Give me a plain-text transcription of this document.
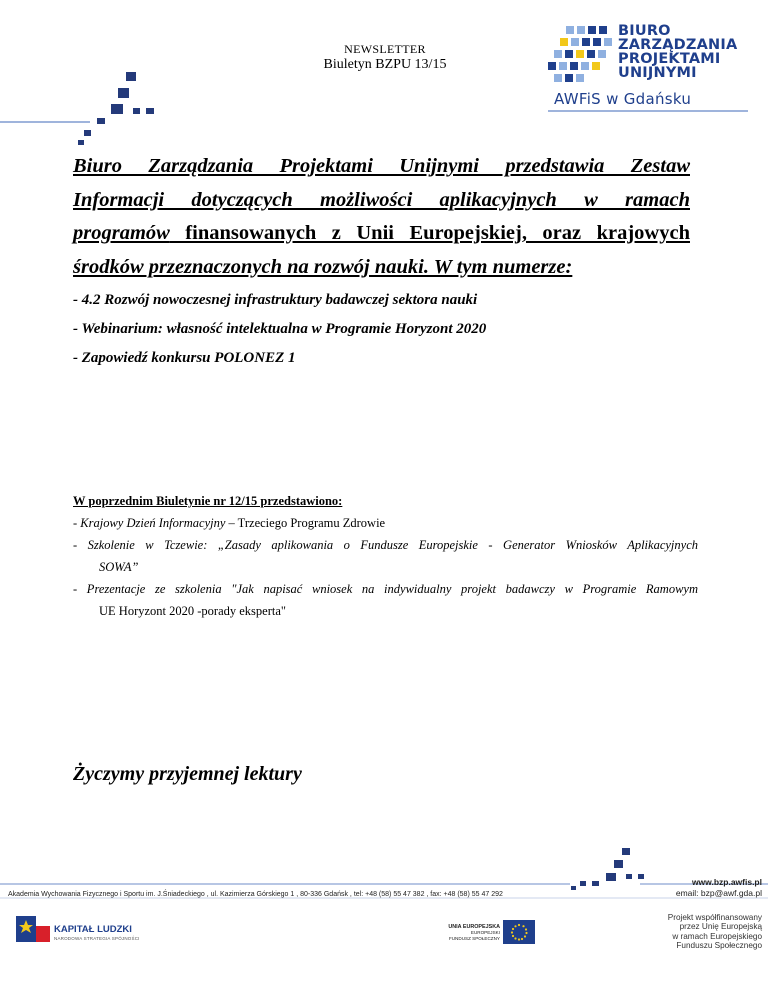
NEWSLETTER
Biuletyn BZPU 13/15
BIURO
ZARZĄDZANIA
PROJEKTAMI
UNIJNYMI
AWFiS w Gdańsku

Biuro Zarządzania Projektami Unijnymi przedstawia Zestaw

Informacji dotyczących możliwości aplikacyjnych w ramach

programów finansowanych z Unii Europejskiej, oraz krajowych

środków przeznaczonych na rozwój nauki. W tym numerze:

- 4.2 Rozwój nowoczesnej infrastruktury badawczej sektora nauki
- Webinarium: własność intelektualna w Programie Horyzont 2020
- Zapowiedź konkursu POLONEZ 1
W poprzednim Biuletynie nr 12/15 przedstawiono:
- Krajowy Dzień Informacyjny – Trzeciego Programu Zdrowie
- Szkolenie w Tczewie: „Zasady aplikowania o Fundusze Europejskie - Generator Wniosków Aplikacyjnych
SOWA”
- Prezentacje ze szkolenia "Jak napisać wniosek na indywidualny projekt badawczy w Programie Ramowym
UE Horyzont 2020 -porady eksperta"
Życzymy przyjemnej lektury
Akademia Wychowania Fizycznego i Sportu im. J.Śniadeckiego , ul. Kazimierza Górskiego 1 , 80-336 Gdańsk , tel: +48 (58) 55 47 382 , fax: +48 (58) 55 47 292
www.bzp.awfis.pl
email: bzp@awf.gda.pl
Projekt współfinansowany
przez Unię Europejską
w ramach Europejskiego
Funduszu Społecznego
KAPITAŁ LUDZKI
NARODOWA STRATEGIA SPÓJNOŚCI
UNIA EUROPEJSKA
EUROPEJSKI
FUNDUSZ SPOŁECZNY
